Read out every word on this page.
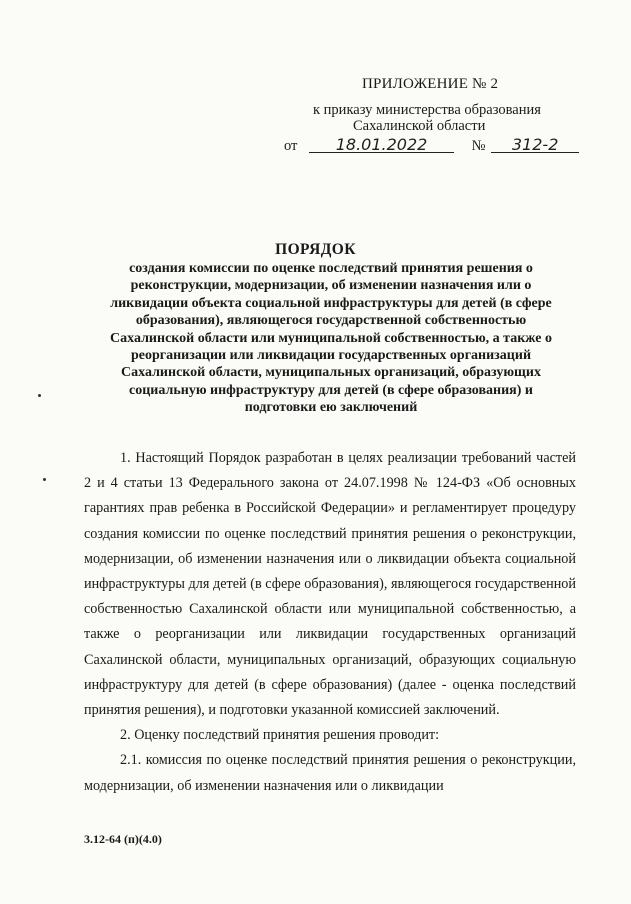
ПРИЛОЖЕНИЕ № 2
к приказу министерства образования
Сахалинской области
от 18.01.2022	№ 312-2
ПОРЯДОК
создания комиссии по оценке последствий принятия решения о реконструкции, модернизации, об изменении назначения или о ликвидации объекта социальной инфраструктуры для детей (в сфере образования), являющегося государственной собственностью Сахалинской области или муниципальной собственностью, а также о реорганизации или ликвидации государственных организаций Сахалинской области, муниципальных организаций, образующих социальную инфраструктуру для детей (в сфере образования) и подготовки ею заключений

1. Настоящий Порядок разработан в целях реализации требований частей 2 и 4 статьи 13 Федерального закона от 24.07.1998 № 124-ФЗ «Об основных гарантиях прав ребенка в Российской Федерации» и регламентирует процедуру создания комиссии по оценке последствий принятия решения о реконструкции, модернизации, об изменении назначения или о ликвидации объекта социальной инфраструктуры для детей (в сфере образования), являющегося государственной собственностью Сахалинской области или муниципальной собственностью, а также о реорганизации или ликвидации государственных организаций Сахалинской области, муниципальных организаций, образующих социальную инфраструктуру для детей (в сфере образования) (далее - оценка последствий принятия решения), и подготовки указанной комиссией заключений.

2. Оценку последствий принятия решения проводит:

2.1. комиссия по оценке последствий принятия решения о реконструкции, модернизации, об изменении назначения или о ликвидации

3.12-64 (п)(4.0)
